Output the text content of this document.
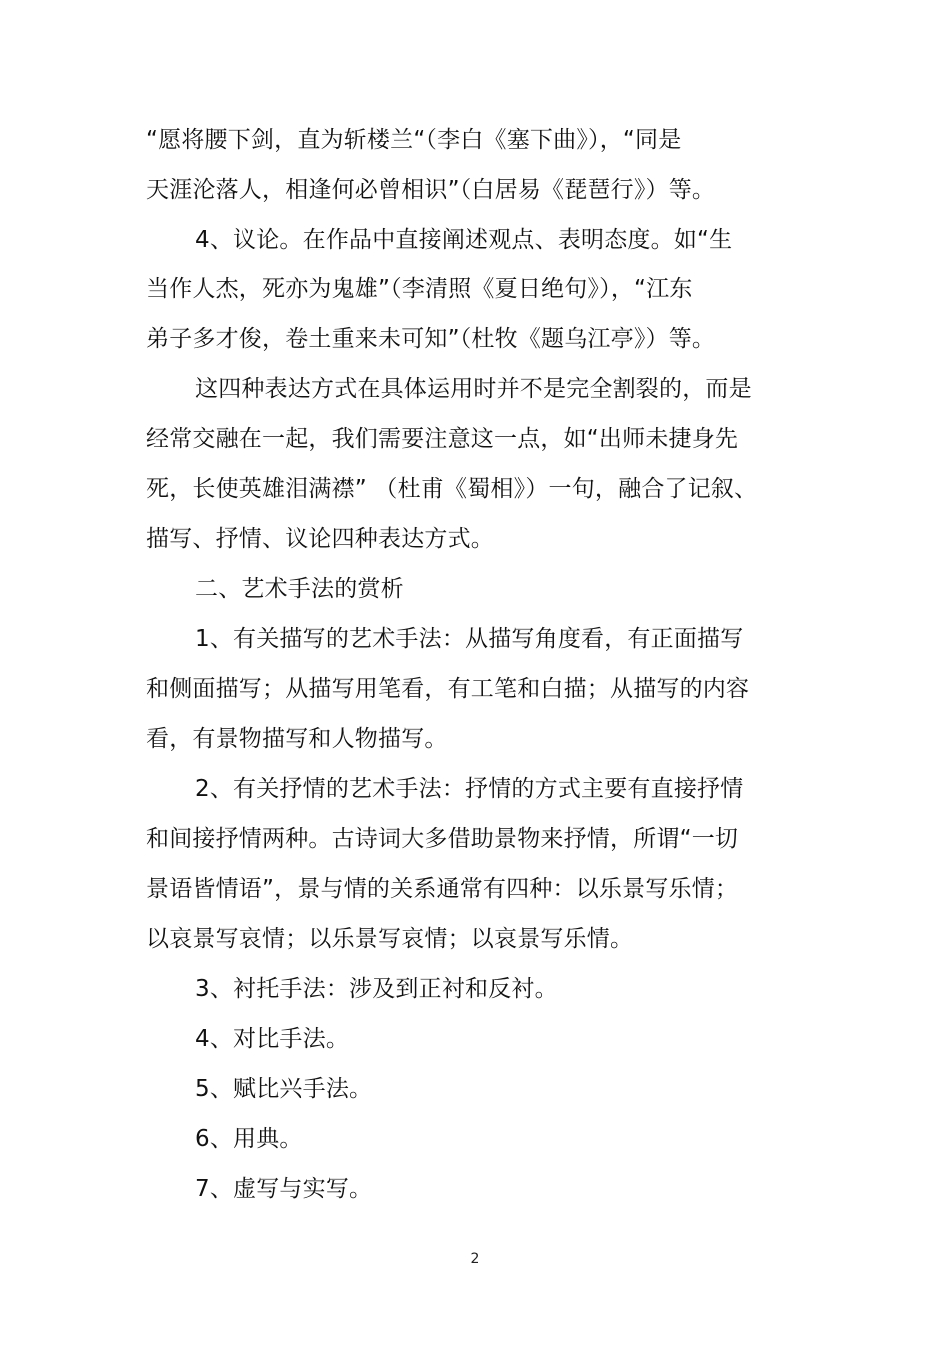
“愿将腰下剑，直为斩楼兰“（李白《塞下曲》），“同是
天涯沦落人，相逢何必曾相识”（白居易《琵琶行》）等。
4、议论。在作品中直接阐述观点、表明态度。如“生
当作人杰，死亦为鬼雄”（李清照《夏日绝句》），“江东
弟子多才俊，卷土重来未可知”（杜牧《题乌江亭》）等。
这四种表达方式在具体运用时并不是完全割裂的，而是
经常交融在一起，我们需要注意这一点，如“出师未捷身先
死，长使英雄泪满襟” （杜甫《蜀相》）一句，融合了记叙、
描写、抒情、议论四种表达方式。
二、艺术手法的赏析
1、有关描写的艺术手法：从描写角度看，有正面描写
和侧面描写；从描写用笔看，有工笔和白描；从描写的内容
看，有景物描写和人物描写。
2、有关抒情的艺术手法：抒情的方式主要有直接抒情
和间接抒情两种。古诗词大多借助景物来抒情，所谓“一切
景语皆情语”，景与情的关系通常有四种：以乐景写乐情；
以哀景写哀情；以乐景写哀情；以哀景写乐情。
3、衬托手法：涉及到正衬和反衬。
4、对比手法。
5、赋比兴手法。
6、用典。
7、虚写与实写。
2
